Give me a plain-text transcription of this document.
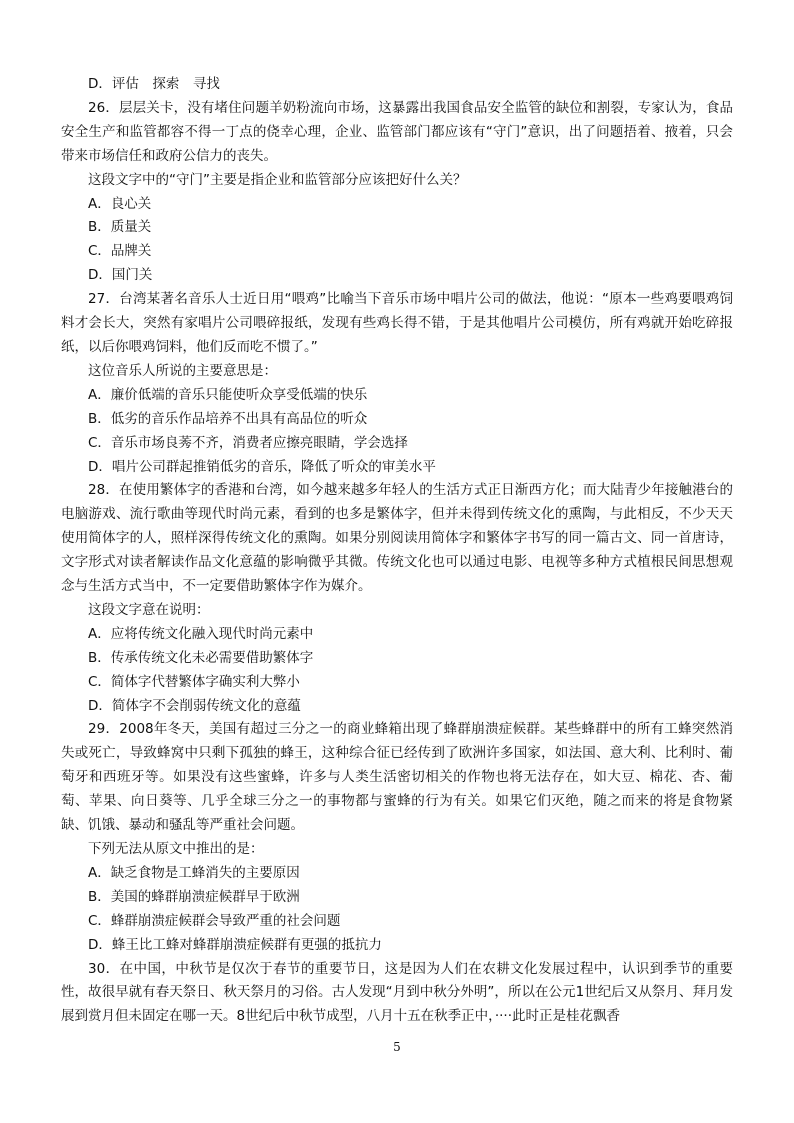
D．评估　探索　寻找
26．层层关卡，没有堵住问题羊奶粉流向市场，这暴露出我国食品安全监管的缺位和割裂，专家认为，食品安全生产和监管都容不得一丁点的侥幸心理，企业、监管部门都应该有“守门”意识，出了问题捂着、掖着，只会带来市场信任和政府公信力的丧失。
这段文字中的“守门”主要是指企业和监管部分应该把好什么关？
A．良心关
B．质量关
C．品牌关
D．国门关
27．台湾某著名音乐人士近日用“喂鸡”比喻当下音乐市场中唱片公司的做法，他说：“原本一些鸡要喂鸡饲料才会长大，突然有家唱片公司喂碎报纸，发现有些鸡长得不错，于是其他唱片公司模仿，所有鸡就开始吃碎报纸，以后你喂鸡饲料，他们反而吃不惯了。”
这位音乐人所说的主要意思是：
A．廉价低端的音乐只能使听众享受低端的快乐
B．低劣的音乐作品培养不出具有高品位的听众
C．音乐市场良莠不齐，消费者应擦亮眼睛，学会选择
D．唱片公司群起推销低劣的音乐，降低了听众的审美水平
28．在使用繁体字的香港和台湾，如今越来越多年轻人的生活方式正日渐西方化；而大陆青少年接触港台的电脑游戏、流行歌曲等现代时尚元素，看到的也多是繁体字，但并未得到传统文化的熏陶，与此相反，不少天天使用简体字的人，照样深得传统文化的熏陶。如果分别阅读用简体字和繁体字书写的同一篇古文、同一首唐诗，文字形式对读者解读作品文化意蕴的影响微乎其微。传统文化也可以通过电影、电视等多种方式植根民间思想观念与生活方式当中，不一定要借助繁体字作为媒介。
这段文字意在说明：
A．应将传统文化融入现代时尚元素中
B．传承传统文化未必需要借助繁体字
C．简体字代替繁体字确实利大弊小
D．简体字不会削弱传统文化的意蕴
29．2008年冬天，美国有超过三分之一的商业蜂箱出现了蜂群崩溃症候群。某些蜂群中的所有工蜂突然消失或死亡，导致蜂窝中只剩下孤独的蜂王，这种综合征已经传到了欧洲许多国家，如法国、意大利、比利时、葡萄牙和西班牙等。如果没有这些蜜蜂，许多与人类生活密切相关的作物也将无法存在，如大豆、棉花、杏、葡萄、苹果、向日葵等、几乎全球三分之一的事物都与蜜蜂的行为有关。如果它们灭绝，随之而来的将是食物紧缺、饥饿、暴动和骚乱等严重社会问题。
下列无法从原文中推出的是：
A．缺乏食物是工蜂消失的主要原因
B．美国的蜂群崩溃症候群早于欧洲
C．蜂群崩溃症候群会导致严重的社会问题
D．蜂王比工蜂对蜂群崩溃症候群有更强的抵抗力
30．在中国，中秋节是仅次于春节的重要节日，这是因为人们在农耕文化发展过程中，认识到季节的重要性，故很早就有春天祭日、秋天祭月的习俗。古人发现“月到中秋分外明”，所以在公元1世纪后又从祭月、拜月发展到赏月但未固定在哪一天。8世纪后中秋节成型，八月十五在秋季正中，····此时正是桂花飘香
5
